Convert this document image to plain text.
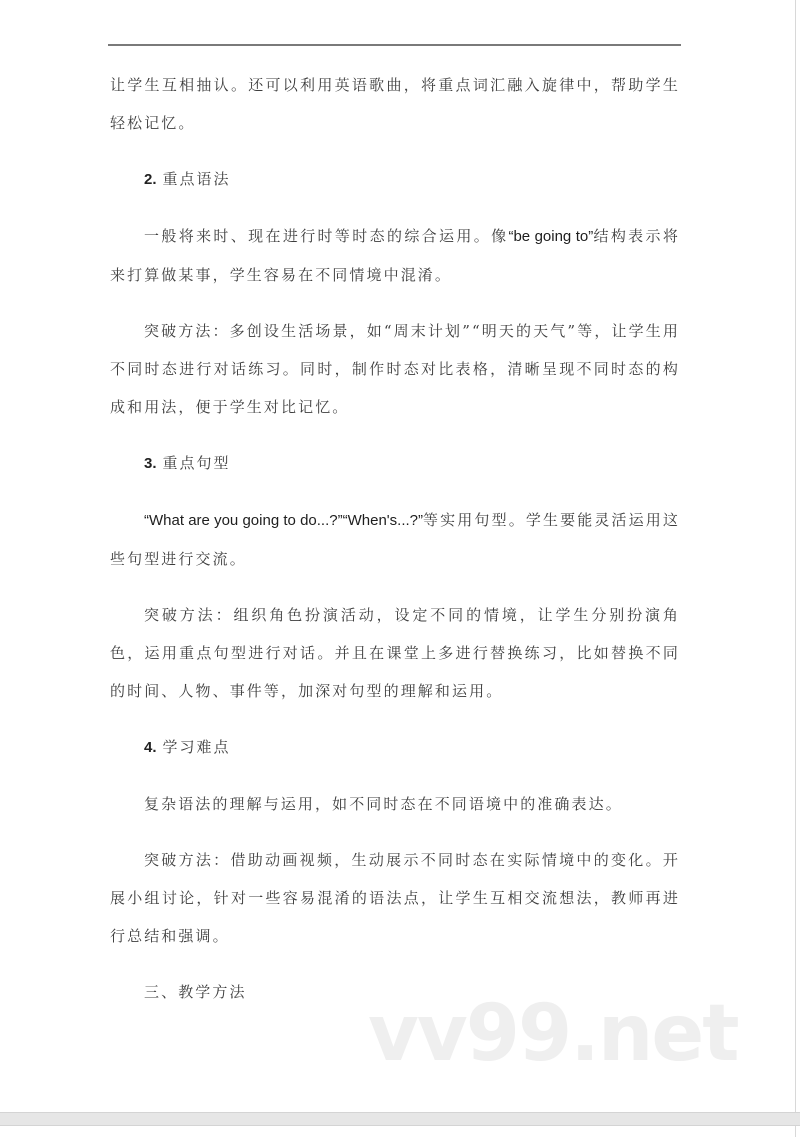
让学生互相抽认。还可以利用英语歌曲，将重点词汇融入旋律中，帮助学生轻松记忆。

2. 重点语法

一般将来时、现在进行时等时态的综合运用。像“be going to”结构表示将来打算做某事，学生容易在不同情境中混淆。

突破方法：多创设生活场景，如“周末计划”“明天的天气”等，让学生用不同时态进行对话练习。同时，制作时态对比表格，清晰呈现不同时态的构成和用法，便于学生对比记忆。

3. 重点句型

“What are you going to do...?”“When's...?”等实用句型。学生要能灵活运用这些句型进行交流。

突破方法：组织角色扮演活动，设定不同的情境，让学生分别扮演角色，运用重点句型进行对话。并且在课堂上多进行替换练习，比如替换不同的时间、人物、事件等，加深对句型的理解和运用。

4. 学习难点

复杂语法的理解与运用，如不同时态在不同语境中的准确表达。

突破方法：借助动画视频，生动展示不同时态在实际情境中的变化。开展小组讨论，针对一些容易混淆的语法点，让学生互相交流想法，教师再进行总结和强调。

三、教学方法	vv99.net
